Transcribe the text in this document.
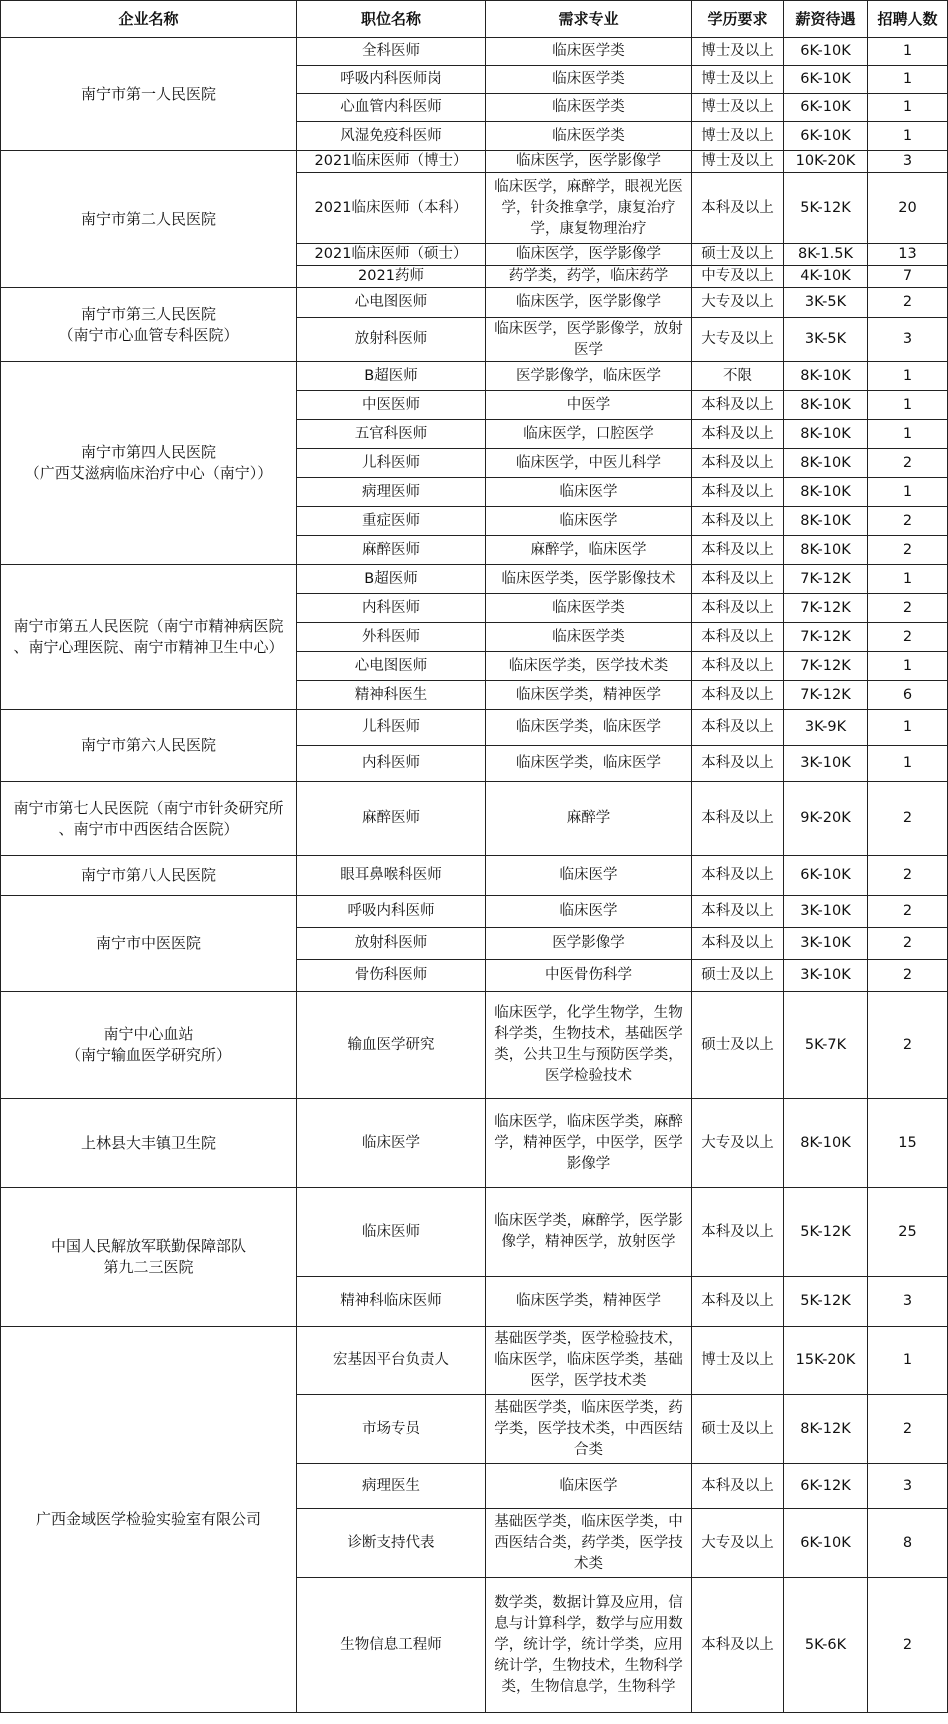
企业名称	职位名称	需求专业	学历要求	薪资待遇	招聘人数

南宁市第一人民医院	全科医师	临床医学类	博士及以上	6K-10K	1
	呼吸内科医师岗	临床医学类	博士及以上	6K-10K	1
	心血管内科医师	临床医学类	博士及以上	6K-10K	1
	风湿免疫科医师	临床医学类	博士及以上	6K-10K	1

南宁市第二人民医院	2021临床医师（博士）	临床医学，医学影像学	博士及以上	10K-20K	3
	2021临床医师（本科）	临床医学，麻醉学，眼视光医学，针灸推拿学，康复治疗学，康复物理治疗	本科及以上	5K-12K	20
	2021临床医师（硕士）	临床医学，医学影像学	硕士及以上	8K-1.5K	13
	2021药师	药学类，药学，临床药学	中专及以上	4K-10K	7

南宁市第三人民医院
（南宁市心血管专科医院）	心电图医师	临床医学，医学影像学	大专及以上	3K-5K	2
	放射科医师	临床医学，医学影像学，放射医学	大专及以上	3K-5K	3

南宁市第四人民医院
（广西艾滋病临床治疗中心（南宁））	B超医师	医学影像学，临床医学	不限	8K-10K	1
	中医医师	中医学	本科及以上	8K-10K	1
	五官科医师	临床医学，口腔医学	本科及以上	8K-10K	1
	儿科医师	临床医学，中医儿科学	本科及以上	8K-10K	2
	病理医师	临床医学	本科及以上	8K-10K	1
	重症医师	临床医学	本科及以上	8K-10K	2
	麻醉医师	麻醉学，临床医学	本科及以上	8K-10K	2

南宁市第五人民医院（南宁市精神病医院
、南宁心理医院、南宁市精神卫生中心）	B超医师	临床医学类，医学影像技术	本科及以上	7K-12K	1
	内科医师	临床医学类	本科及以上	7K-12K	2
	外科医师	临床医学类	本科及以上	7K-12K	2
	心电图医师	临床医学类，医学技术类	本科及以上	7K-12K	1
	精神科医生	临床医学类，精神医学	本科及以上	7K-12K	6

南宁市第六人民医院	儿科医师	临床医学类，临床医学	本科及以上	3K-9K	1
	内科医师	临床医学类，临床医学	本科及以上	3K-10K	1

南宁市第七人民医院（南宁市针灸研究所
、南宁市中西医结合医院）	麻醉医师	麻醉学	本科及以上	9K-20K	2

南宁市第八人民医院	眼耳鼻喉科医师	临床医学	本科及以上	6K-10K	2

南宁市中医医院	呼吸内科医师	临床医学	本科及以上	3K-10K	2
	放射科医师	医学影像学	本科及以上	3K-10K	2
	骨伤科医师	中医骨伤科学	硕士及以上	3K-10K	2

南宁中心血站
（南宁输血医学研究所）	输血医学研究	临床医学，化学生物学，生物科学类，生物技术，基础医学类，公共卫生与预防医学类，医学检验技术	硕士及以上	5K-7K	2

上林县大丰镇卫生院	临床医学	临床医学，临床医学类，麻醉学，精神医学，中医学，医学影像学	大专及以上	8K-10K	15

中国人民解放军联勤保障部队
第九二三医院	临床医师	临床医学类，麻醉学，医学影像学，精神医学，放射医学	本科及以上	5K-12K	25
	精神科临床医师	临床医学类，精神医学	本科及以上	5K-12K	3

广西金域医学检验实验室有限公司	宏基因平台负责人	基础医学类，医学检验技术，临床医学，临床医学类，基础医学，医学技术类	博士及以上	15K-20K	1
	市场专员	基础医学类，临床医学类，药学类，医学技术类，中西医结合类	硕士及以上	8K-12K	2
	病理医生	临床医学	本科及以上	6K-12K	3
	诊断支持代表	基础医学类，临床医学类，中西医结合类，药学类，医学技术类	大专及以上	6K-10K	8
	生物信息工程师	数学类，数据计算及应用，信息与计算科学，数学与应用数学，统计学，统计学类，应用统计学，生物技术，生物科学类，生物信息学，生物科学	本科及以上	5K-6K	2
